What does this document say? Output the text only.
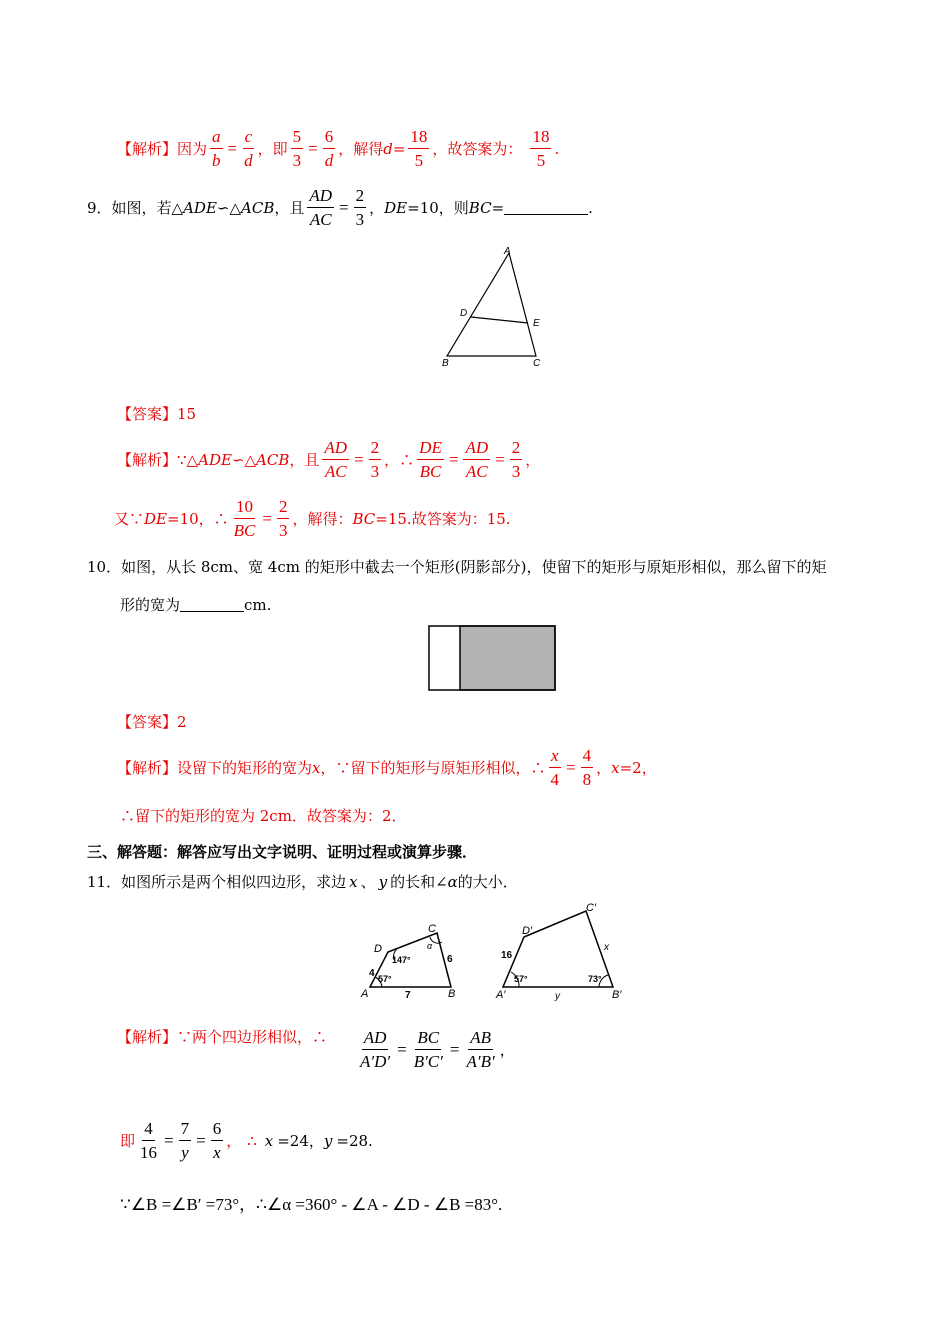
【解析】 因为 $\frac{a}{b} = \frac{c}{d}$ ，即 $\frac{5}{3} = \frac{6}{d}$ ，解得 $d= \frac{18}{5}$ ，故答案为： $\frac{18}{5}$ .
9． 如图，若△ ADE ∽△ ACB ，且 $\frac{AD}{AC} = \frac{2}{3}$ ， DE =10，则 BC =	.
A
D
E
B	C
【答案】 15
【解析】 ∵△ ADE ∽△ ACB ，且 $\frac{AD}{AC} = \frac{2}{3}$ ，∴ $\frac{DE}{BC} = \frac{AD}{AC} = \frac{2}{3}$ ，
又∵ DE =10，∴ $\frac{10}{BC} = \frac{2}{3}$ ，解得： BC =15.故答案为：15.
10． 如图，从长 8cm、宽 4cm 的矩形中截去一个矩形(阴影部分)，使留下的矩形与原矩形相似，那么留下的矩
形的宽为	cm.
【答案】 2
【解析】 设留下的矩形的宽为 x ，∵留下的矩形与原矩形相似，∴ $\frac{x}{4} = \frac{4}{8}$ ， x =2，
∴留下的矩形的宽为 2cm．故答案为：2．
三、解答题：解答应写出文字说明、证明过程或演算步骤．
11． 如图所示是两个相似四边形，求边 x 、 y 的长和∠ α 的大小．
D
C
A	B
4
7
6
147°
57°
α
D′
C′
A′	B′
16
y
x
57°	73°
【解析】 ∵两个四边形相似，∴ $\frac{AD}{A'D'} = \frac{BC}{B'C'} = \frac{AB}{A'B'}$ ，
即 $\frac{4}{16} = \frac{7}{y} = \frac{6}{x}$ ， ∴ x =24， y =28.
∵∠B =∠B′ =73°，∴∠α =360° - ∠A - ∠D - ∠B =83°.
